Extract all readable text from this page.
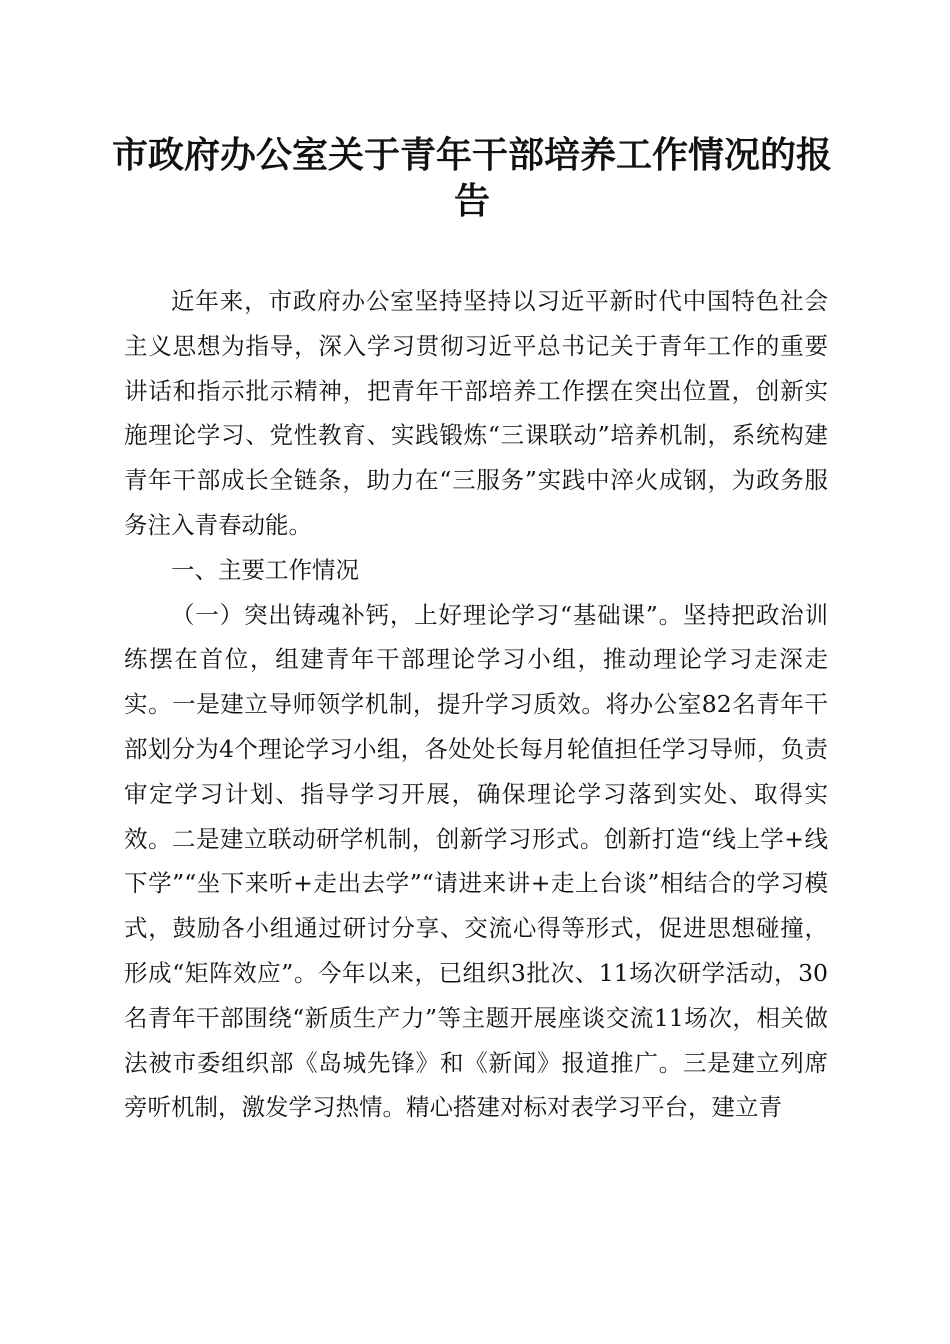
市政府办公室关于青年干部培养工作情况的报告

近年来，市政府办公室坚持坚持以习近平新时代中国特色社会主义思想为指导，深入学习贯彻习近平总书记关于青年工作的重要讲话和指示批示精神，把青年干部培养工作摆在突出位置，创新实施理论学习、党性教育、实践锻炼“三课联动”培养机制，系统构建青年干部成长全链条，助力在“三服务”实践中淬火成钢，为政务服务注入青春动能。

一、主要工作情况

（一）突出铸魂补钙，上好理论学习“基础课”。坚持把政治训练摆在首位，组建青年干部理论学习小组，推动理论学习走深走实。一是建立导师领学机制，提升学习质效。将办公室82名青年干部划分为4个理论学习小组，各处处长每月轮值担任学习导师，负责审定学习计划、指导学习开展，确保理论学习落到实处、取得实效。二是建立联动研学机制，创新学习形式。创新打造“线上学+线下学”“坐下来听+走出去学”“请进来讲+走上台谈”相结合的学习模式，鼓励各小组通过研讨分享、交流心得等形式，促进思想碰撞，形成“矩阵效应”。今年以来，已组织3批次、11场次研学活动，30名青年干部围绕“新质生产力”等主题开展座谈交流11场次，相关做法被市委组织部《岛城先锋》和《新闻》报道推广。三是建立列席旁听机制，激发学习热情。精心搭建对标对表学习平台，建立青
